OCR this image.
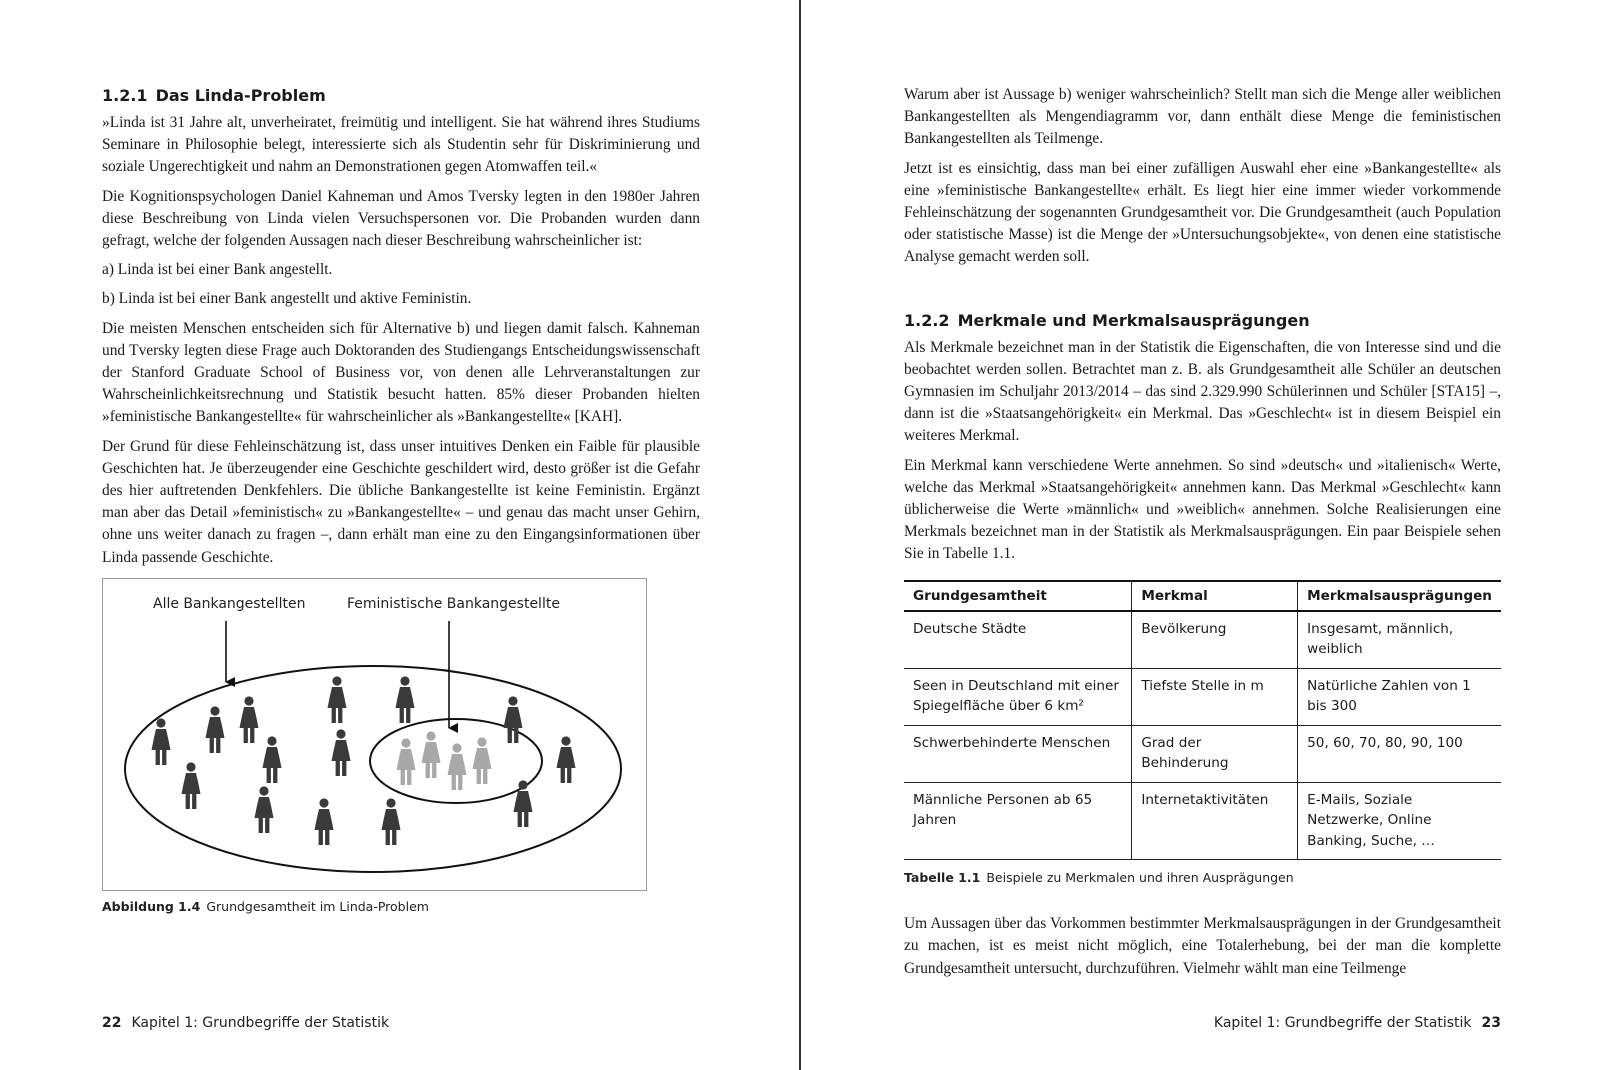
1.2.1 Das Linda-Problem

»Linda ist 31 Jahre alt, unverheiratet, freimütig und intelligent. Sie hat während ihres Studiums Seminare in Philosophie belegt, interessierte sich als Studentin sehr für Diskriminierung und soziale Ungerechtigkeit und nahm an Demonstrationen gegen Atomwaffen teil.«

Die Kognitionspsychologen Daniel Kahneman und Amos Tversky legten in den 1980er Jahren diese Beschreibung von Linda vielen Versuchspersonen vor. Die Probanden wurden dann gefragt, welche der folgenden Aussagen nach dieser Beschreibung wahrscheinlicher ist:

a) Linda ist bei einer Bank angestellt.

b) Linda ist bei einer Bank angestellt und aktive Feministin.

Die meisten Menschen entscheiden sich für Alternative b) und liegen damit falsch. Kahneman und Tversky legten diese Frage auch Doktoranden des Studiengangs Entscheidungswissenschaft der Stanford Graduate School of Business vor, von denen alle Lehrveranstaltungen zur Wahrscheinlichkeitsrechnung und Statistik besucht hatten. 85% dieser Probanden hielten »feministische Bankangestellte« für wahrscheinlicher als »Bankangestellte« [KAH].

Der Grund für diese Fehleinschätzung ist, dass unser intuitives Denken ein Faible für plausible Geschichten hat. Je überzeugender eine Geschichte geschildert wird, desto größer ist die Gefahr des hier auftretenden Denkfehlers. Die übliche Bankangestellte ist keine Feministin. Ergänzt man aber das Detail »feministisch« zu »Bankangestellte« – und genau das macht unser Gehirn, ohne uns weiter danach zu fragen –, dann erhält man eine zu den Eingangsinformationen über Linda passende Geschichte.

Alle Bankangestellten	Feministische Bankangestellte
Abbildung 1.4 Grundgesamtheit im Linda-Problem
22 Kapitel 1: Grundbegriffe der Statistik

Warum aber ist Aussage b) weniger wahrscheinlich? Stellt man sich die Menge aller weiblichen Bankangestellten als Mengendiagramm vor, dann enthält diese Menge die feministischen Bankangestellten als Teilmenge.

Jetzt ist es einsichtig, dass man bei einer zufälligen Auswahl eher eine »Bankangestellte« als eine »feministische Bankangestellte« erhält. Es liegt hier eine immer wieder vorkommende Fehleinschätzung der sogenannten Grundgesamtheit vor. Die Grundgesamtheit (auch Population oder statistische Masse) ist die Menge der »Untersuchungsobjekte«, von denen eine statistische Analyse gemacht werden soll.

1.2.2 Merkmale und Merkmalsausprägungen

Als Merkmale bezeichnet man in der Statistik die Eigenschaften, die von Interesse sind und die beobachtet werden sollen. Betrachtet man z. B. als Grundgesamtheit alle Schüler an deutschen Gymnasien im Schuljahr 2013/2014 – das sind 2.329.990 Schülerinnen und Schüler [STA15] –, dann ist die »Staatsangehörigkeit« ein Merkmal. Das »Geschlecht« ist in diesem Beispiel ein weiteres Merkmal.

Ein Merkmal kann verschiedene Werte annehmen. So sind »deutsch« und »italienisch« Werte, welche das Merkmal »Staatsangehörigkeit« annehmen kann. Das Merkmal »Geschlecht« kann üblicherweise die Werte »männlich« und »weiblich« annehmen. Solche Realisierungen eine Merkmals bezeichnet man in der Statistik als Merkmalsausprägungen. Ein paar Beispiele sehen Sie in Tabelle 1.1.

Grundgesamtheit	Merkmal	Merkmalsausprägungen
Deutsche Städte	Bevölkerung	Insgesamt, männlich, weiblich
Seen in Deutschland mit einer Spiegelfläche über 6 km²	Tiefste Stelle in m	Natürliche Zahlen von 1 bis 300
Schwerbehinderte Menschen	Grad der Behinderung	50, 60, 70, 80, 90, 100
Männliche Personen ab 65 Jahren	Internetaktivitäten	E-Mails, Soziale Netzwerke, Online Banking, Suche, …
Tabelle 1.1 Beispiele zu Merkmalen und ihren Ausprägungen

Um Aussagen über das Vorkommen bestimmter Merkmalsausprägungen in der Grundgesamtheit zu machen, ist es meist nicht möglich, eine Totalerhebung, bei der man die komplette Grundgesamtheit untersucht, durchzuführen. Vielmehr wählt man eine Teilmenge

Kapitel 1: Grundbegriffe der Statistik 23
